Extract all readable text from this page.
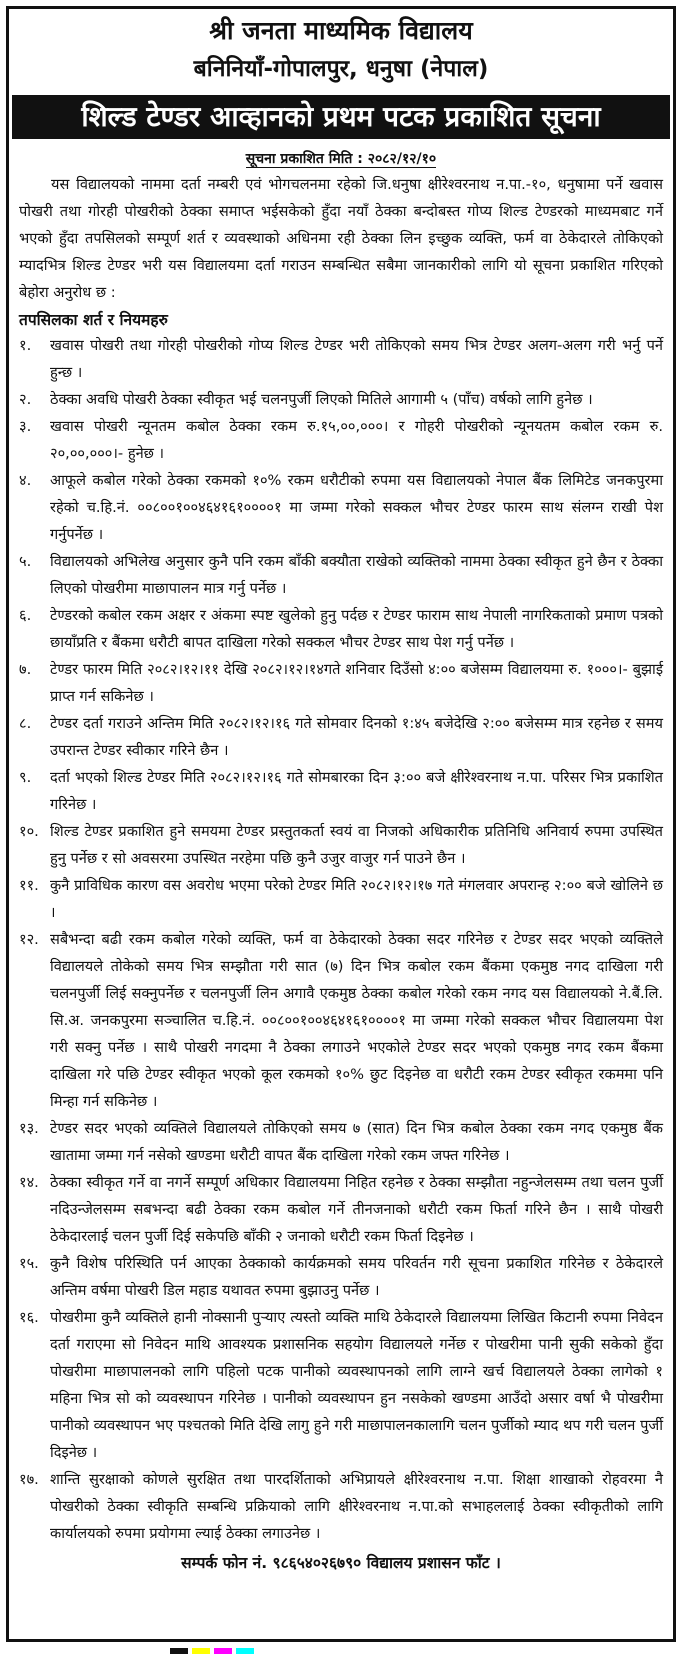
श्री जनता माध्यमिक विद्यालय
बनिनियाँ-गोपालपुर, धनुषा (नेपाल)
शिल्ड टेण्डर आव्हानको प्रथम पटक प्रकाशित सूचना
सूचना प्रकाशित मिति : २०८२/१२/१०
यस विद्यालयको नाममा दर्ता नम्बरी एवं भोगचलनमा रहेको जि.धनुषा क्षीरेश्वरनाथ न.पा.-१०, धनुषामा पर्ने खवास पोखरी तथा गोरही पोखरीको ठेक्का समाप्त भईसकेको हुँदा नयाँ ठेक्का बन्दोबस्त गोप्य शिल्ड टेण्डरको माध्यमबाट गर्ने भएको हुँदा तपसिलको सम्पूर्ण शर्त र व्यवस्थाको अधिनमा रही ठेक्का लिन इच्छुक व्यक्ति, फर्म वा ठेकेदारले तोकिएको म्यादभित्र शिल्ड टेण्डर भरी यस विद्यालयमा दर्ता गराउन सम्बन्धित सबैमा जानकारीको लागि यो सूचना प्रकाशित गरिएको बेहोरा अनुरोध छ :
तपसिलका शर्त र नियमहरु
१.	खवास पोखरी तथा गोरही पोखरीको गोप्य शिल्ड टेण्डर भरी तोकिएको समय भित्र टेण्डर अलग-अलग गरी भर्नु पर्ने हुन्छ ।
२.	ठेक्का अवधि पोखरी ठेक्का स्वीकृत भई चलनपुर्जी लिएको मितिले आगामी ५ (पाँच) वर्षको लागि हुनेछ ।
३.	खवास पोखरी न्यूनतम कबोल ठेक्का रकम रु.१५,००,०००। र गोहरी पोखरीको न्यूनयतम कबोल रकम रु. २०,००,०००।- हुनेछ ।
४.	आफूले कबोल गरेको ठेक्का रकमको १०% रकम धरौटीको रुपमा यस विद्यालयको नेपाल बैंक लिमिटेड जनकपुरमा रहेको च.हि.नं. ००८००१००४६४१६१००००१ मा जम्मा गरेको सक्कल भौचर टेण्डर फारम साथ संलग्न राखी पेश गर्नुपर्नेछ ।
५.	विद्यालयको अभिलेख अनुसार कुनै पनि रकम बाँकी बक्यौता राखेको व्यक्तिको नाममा ठेक्का स्वीकृत हुने छैन र ठेक्का लिएको पोखरीमा माछापालन मात्र गर्नु पर्नेछ ।
६.	टेण्डरको कबोल रकम अक्षर र अंकमा स्पष्ट खुलेको हुनु पर्दछ र टेण्डर फाराम साथ नेपाली नागरिकताको प्रमाण पत्रको छायाँप्रति र बैंकमा धरौटी बापत दाखिला गरेको सक्कल भौचर टेण्डर साथ पेश गर्नु पर्नेछ ।
७.	टेण्डर फारम मिति २०८२।१२।११ देखि २०८२।१२।१४गते शनिवार दिउँसो ४:०० बजेसम्म विद्यालयमा रु. १०००।- बुझाई प्राप्त गर्न सकिनेछ ।
८.	टेण्डर दर्ता गराउने अन्तिम मिति २०८२।१२।१६ गते सोमवार दिनको १:४५ बजेदेखि २:०० बजेसम्म मात्र रहनेछ र समय उपरान्त टेण्डर स्वीकार गरिने छैन ।
९.	दर्ता भएको शिल्ड टेण्डर मिति २०८२।१२।१६ गते सोमबारका दिन ३:०० बजे क्षीरेश्वरनाथ न.पा. परिसर भित्र प्रकाशित गरिनेछ ।
१०. शिल्ड टेण्डर प्रकाशित हुने समयमा टेण्डर प्रस्तुतकर्ता स्वयं वा निजको अधिकारीक प्रतिनिधि अनिवार्य रुपमा उपस्थित हुनु पर्नेछ र सो अवसरमा उपस्थित नरहेमा पछि कुनै उजुर वाजुर गर्न पाउने छैन ।
११. कुनै प्राविधिक कारण वस अवरोध भएमा परेको टेण्डर मिति २०८२।१२।१७ गते मंगलवार अपरान्ह २:०० बजे खोलिने छ ।
१२. सबैभन्दा बढी रकम कबोल गरेको व्यक्ति, फर्म वा ठेकेदारको ठेक्का सदर गरिनेछ र टेण्डर सदर भएको व्यक्तिले विद्यालयले तोकेको समय भित्र सम्झौता गरी सात (७) दिन भित्र कबोल रकम बैंकमा एकमुष्ठ नगद दाखिला गरी चलनपुर्जी लिई सक्नुपर्नेछ र चलनपुर्जी लिन अगावै एकमुष्ठ ठेक्का कबोल गरेको रकम नगद यस विद्यालयको ने.बैं.लि. सि.अ. जनकपुरमा सञ्चालित च.हि.नं. ००८००१००४६४१६१००००१ मा जम्मा गरेको सक्कल भौचर विद्यालयमा पेश गरी सक्नु पर्नेछ । साथै पोखरी नगदमा नै ठेक्का लगाउने भएकोले टेण्डर सदर भएको एकमुष्ठ नगद रकम बैंकमा दाखिला गरे पछि टेण्डर स्वीकृत भएको कूल रकमको १०% छुट दिइनेछ वा धरौटी रकम टेण्डर स्वीकृत रकममा पनि मिन्हा गर्न सकिनेछ ।
१३. टेण्डर सदर भएको व्यक्तिले विद्यालयले तोकिएको समय ७ (सात) दिन भित्र कबोल ठेक्का रकम नगद एकमुष्ठ बैंक खातामा जम्मा गर्न नसेको खण्डमा धरौटी वापत बैंक दाखिला गरेको रकम जफ्त गरिनेछ ।
१४. ठेक्का स्वीकृत गर्ने वा नगर्ने सम्पूर्ण अधिकार विद्यालयमा निहित रहनेछ र ठेक्का सम्झौता नहुन्जेलसम्म तथा चलन पुर्जी नदिउन्जेलसम्म सबभन्दा बढी ठेक्का रकम कबोल गर्ने तीनजनाको धरौटी रकम फिर्ता गरिने छैन । साथै पोखरी ठेकेदारलाई चलन पुर्जी दिई सकेपछि बाँकी २ जनाको धरौटी रकम फिर्ता दिइनेछ ।
१५. कुनै विशेष परिस्थिति पर्न आएका ठेक्काको कार्यक्रमको समय परिवर्तन गरी सूचना प्रकाशित गरिनेछ र ठेकेदारले अन्तिम वर्षमा पोखरी डिल महाड यथावत रुपमा बुझाउनु पर्नेछ ।
१६. पोखरीमा कुनै व्यक्तिले हानी नोक्सानी पुऱ्याए त्यस्तो व्यक्ति माथि ठेकेदारले विद्यालयमा लिखित किटानी रुपमा निवेदन दर्ता गराएमा सो निवेदन माथि आवश्यक प्रशासनिक सहयोग विद्यालयले गर्नेछ र पोखरीमा पानी सुकी सकेको हुँदा पोखरीमा माछापालनको लागि पहिलो पटक पानीको व्यवस्थापनको लागि लाग्ने खर्च विद्यालयले ठेक्का लागेको १ महिना भित्र सो को व्यवस्थापन गरिनेछ । पानीको व्यवस्थापन हुन नसकेको खण्डमा आउँदो असार वर्षा भै पोखरीमा पानीको व्यवस्थापन भए पश्चतको मिति देखि लागु हुने गरी माछापालनकालागि चलन पुर्जीको म्याद थप गरी चलन पुर्जी दिइनेछ ।
१७. शान्ति सुरक्षाको कोणले सुरक्षित तथा पारदर्शिताको अभिप्रायले क्षीरेश्वरनाथ न.पा. शिक्षा शाखाको रोहवरमा नै पोखरीको ठेक्का स्वीकृति सम्बन्धि प्रक्रियाको लागि क्षीरेश्वरनाथ न.पा.को सभाहललाई ठेक्का स्वीकृतीको लागि कार्यालयको रुपमा प्रयोगमा ल्याई ठेक्का लगाउनेछ ।
सम्पर्क फोन नं. ९८६५४०२६७९० विद्यालय प्रशासन फाँट ।
